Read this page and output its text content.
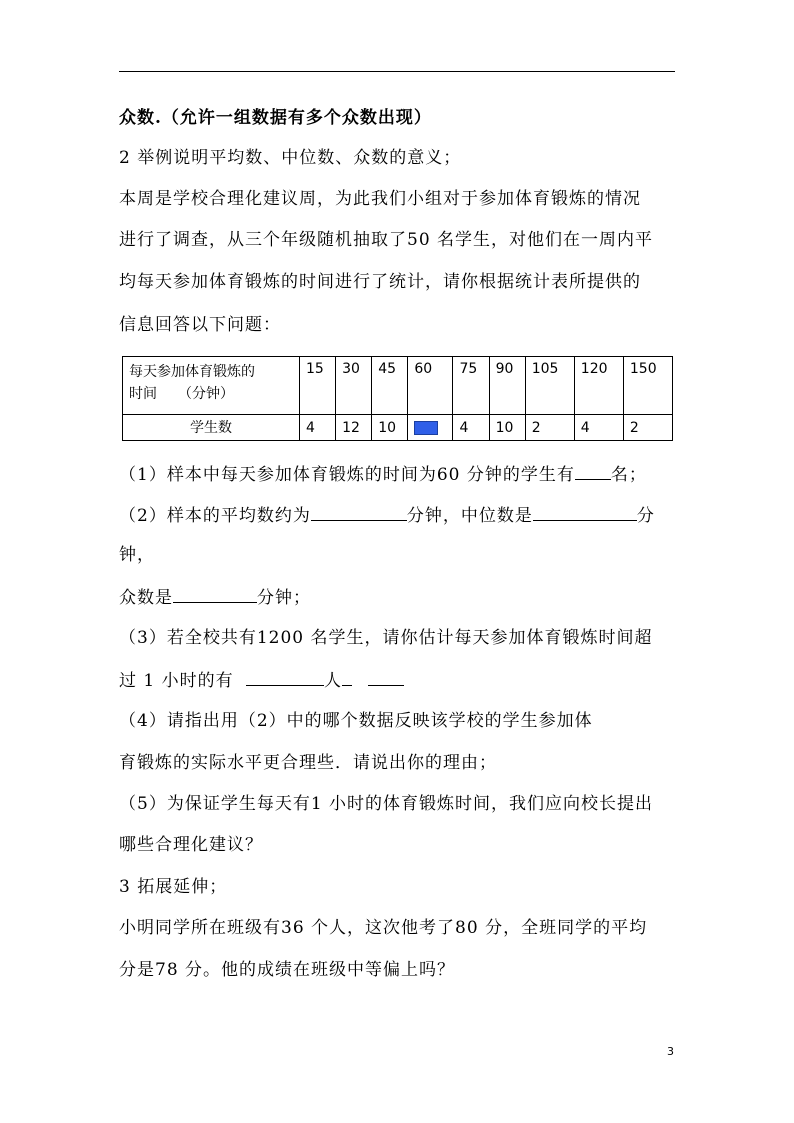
众数.（允许一组数据有多个众数出现）
2 举例说明平均数、中位数、众数的意义；
本周是学校合理化建议周，为此我们小组对于参加体育锻炼的情况
进行了调查，从三个年级随机抽取了50 名学生，对他们在一周内平
均每天参加体育锻炼的时间进行了统计，请你根据统计表所提供的
信息回答以下问题：
每天参加体育锻炼的
时间　　（分钟）	15	30	45	60	75	90	105	120	150
学生数	4	12	10		4	10	2	4	2
（1）样本中每天参加体育锻炼的时间为60 分钟的学生有 名；
（2）样本的平均数约为	分钟，中位数是	分
钟，
众数是	分钟；
（3）若全校共有1200 名学生，请你估计每天参加体育锻炼时间超
过 1 小时的有	人
（4）请指出用（2）中的哪个数据反映该学校的学生参加体
育锻炼的实际水平更合理些．请说出你的理由；
（5）为保证学生每天有1 小时的体育锻炼时间，我们应向校长提出
哪些合理化建议？
3 拓展延伸；
小明同学所在班级有36 个人，这次他考了80 分，全班同学的平均
分是78 分。他的成绩在班级中等偏上吗？
3
